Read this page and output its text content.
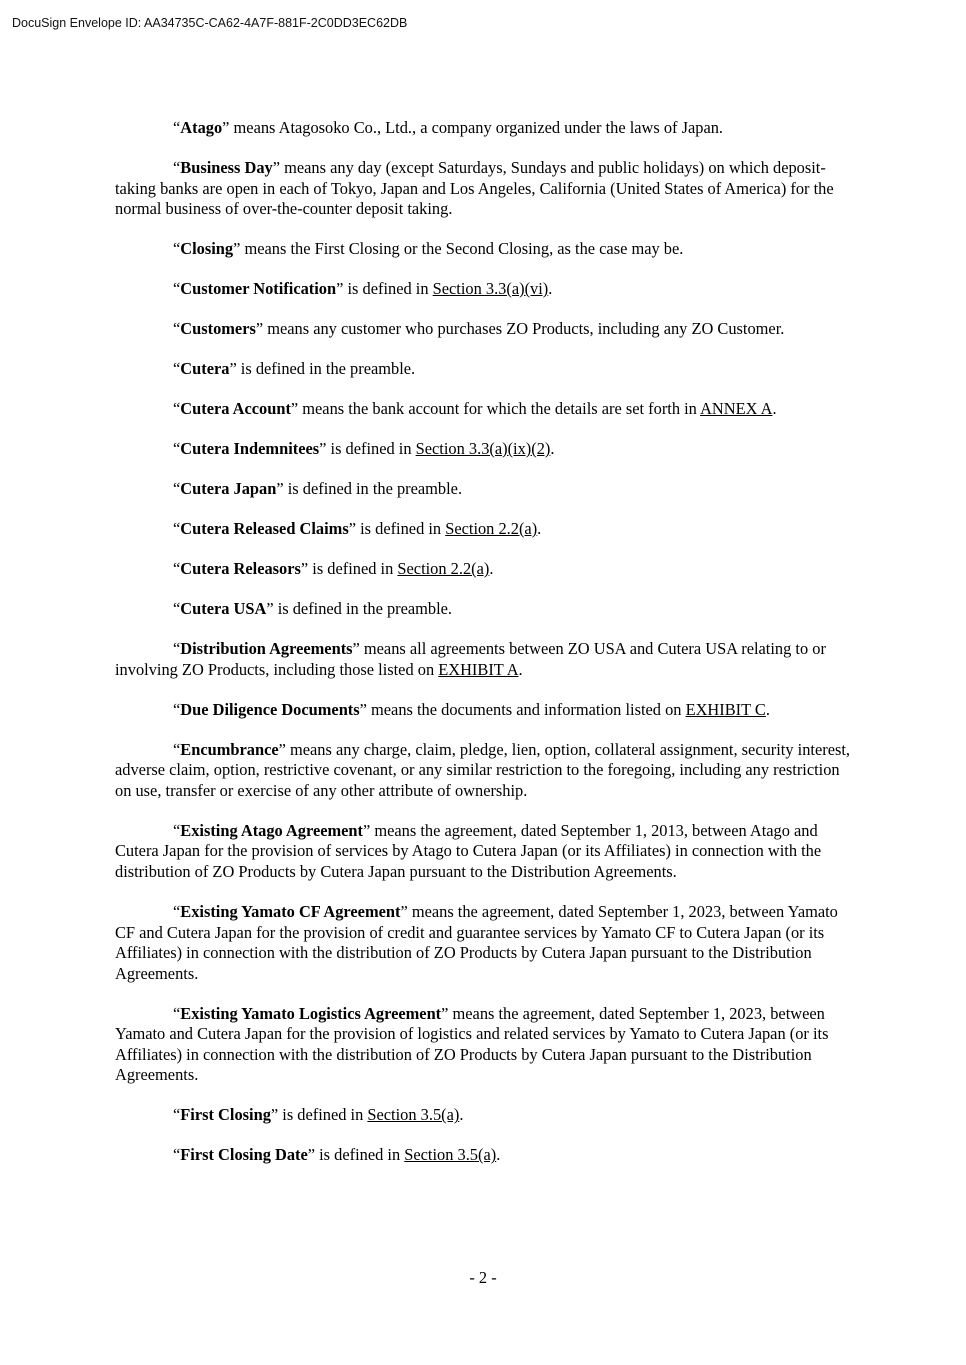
DocuSign Envelope ID: AA34735C-CA62-4A7F-881F-2C0DD3EC62DB

“Atago” means Atagosoko Co., Ltd., a company organized under the laws of Japan.

“Business Day” means any day (except Saturdays, Sundays and public holidays) on which deposit-taking banks are open in each of Tokyo, Japan and Los Angeles, California (United States of America) for the normal business of over-the-counter deposit taking.

“Closing” means the First Closing or the Second Closing, as the case may be.

“Customer Notification” is defined in Section 3.3(a)(vi).

“Customers” means any customer who purchases ZO Products, including any ZO Customer.

“Cutera” is defined in the preamble.

“Cutera Account” means the bank account for which the details are set forth in ANNEX A.

“Cutera Indemnitees” is defined in Section 3.3(a)(ix)(2).

“Cutera Japan” is defined in the preamble.

“Cutera Released Claims” is defined in Section 2.2(a).

“Cutera Releasors” is defined in Section 2.2(a).

“Cutera USA” is defined in the preamble.

“Distribution Agreements” means all agreements between ZO USA and Cutera USA relating to or involving ZO Products, including those listed on EXHIBIT A.

“Due Diligence Documents” means the documents and information listed on EXHIBIT C.

“Encumbrance” means any charge, claim, pledge, lien, option, collateral assignment, security interest, adverse claim, option, restrictive covenant, or any similar restriction to the foregoing, including any restriction on use, transfer or exercise of any other attribute of ownership.

“Existing Atago Agreement” means the agreement, dated September 1, 2013, between Atago and Cutera Japan for the provision of services by Atago to Cutera Japan (or its Affiliates) in connection with the distribution of ZO Products by Cutera Japan pursuant to the Distribution Agreements.

“Existing Yamato CF Agreement” means the agreement, dated September 1, 2023, between Yamato CF and Cutera Japan for the provision of credit and guarantee services by Yamato CF to Cutera Japan (or its Affiliates) in connection with the distribution of ZO Products by Cutera Japan pursuant to the Distribution Agreements.

“Existing Yamato Logistics Agreement” means the agreement, dated September 1, 2023, between Yamato and Cutera Japan for the provision of logistics and related services by Yamato to Cutera Japan (or its Affiliates) in connection with the distribution of ZO Products by Cutera Japan pursuant to the Distribution Agreements.

“First Closing” is defined in Section 3.5(a).

“First Closing Date” is defined in Section 3.5(a).

- 2 -
